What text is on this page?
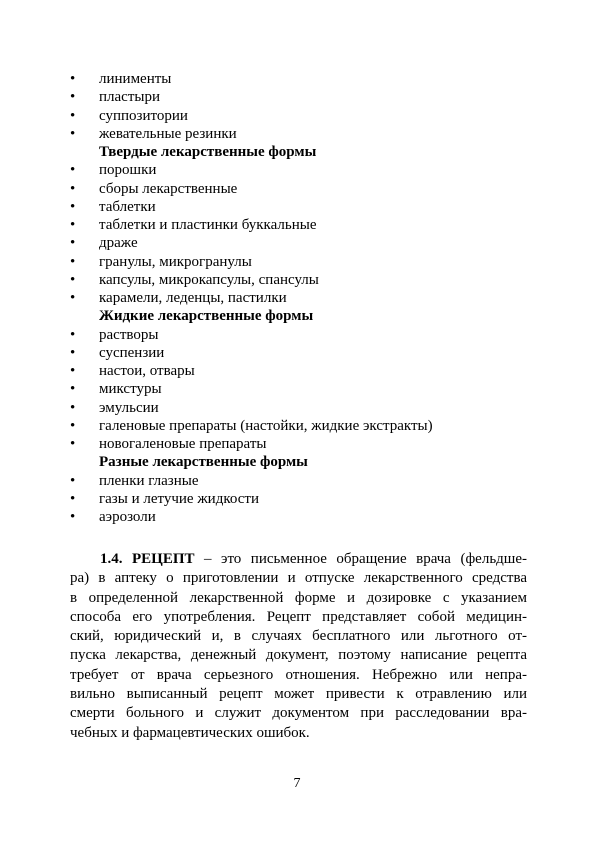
•	линименты
•	пластыри
•	суппозитории
•	жевательные резинки
Твердые лекарственные формы
•	порошки
•	сборы лекарственные
•	таблетки
•	таблетки и пластинки буккальные
•	драже
•	гранулы, микрогранулы
•	капсулы, микрокапсулы, спансулы
•	карамели, леденцы, пастилки
Жидкие лекарственные формы
•	растворы
•	суспензии
•	настои, отвары
•	микстуры
•	эмульсии
•	галеновые препараты (настойки, жидкие экстракты)
•	новогаленовые препараты
Разные лекарственные формы
•	пленки глазные
•	газы и летучие жидкости
•	аэрозоли
1.4. РЕЦЕПТ – это письменное обращение врача (фельдше-
ра) в аптеку о приготовлении и отпуске лекарственного средства
в определенной лекарственной форме и дозировке с указанием
способа его употребления. Рецепт представляет собой медицин-
ский, юридический и, в случаях бесплатного или льготного от-
пуска лекарства, денежный документ, поэтому написание рецепта
требует от врача серьезного отношения. Небрежно или непра-
вильно выписанный рецепт может привести к отравлению или
смерти больного и служит документом при расследовании вра-
чебных и фармацевтических ошибок.
7
